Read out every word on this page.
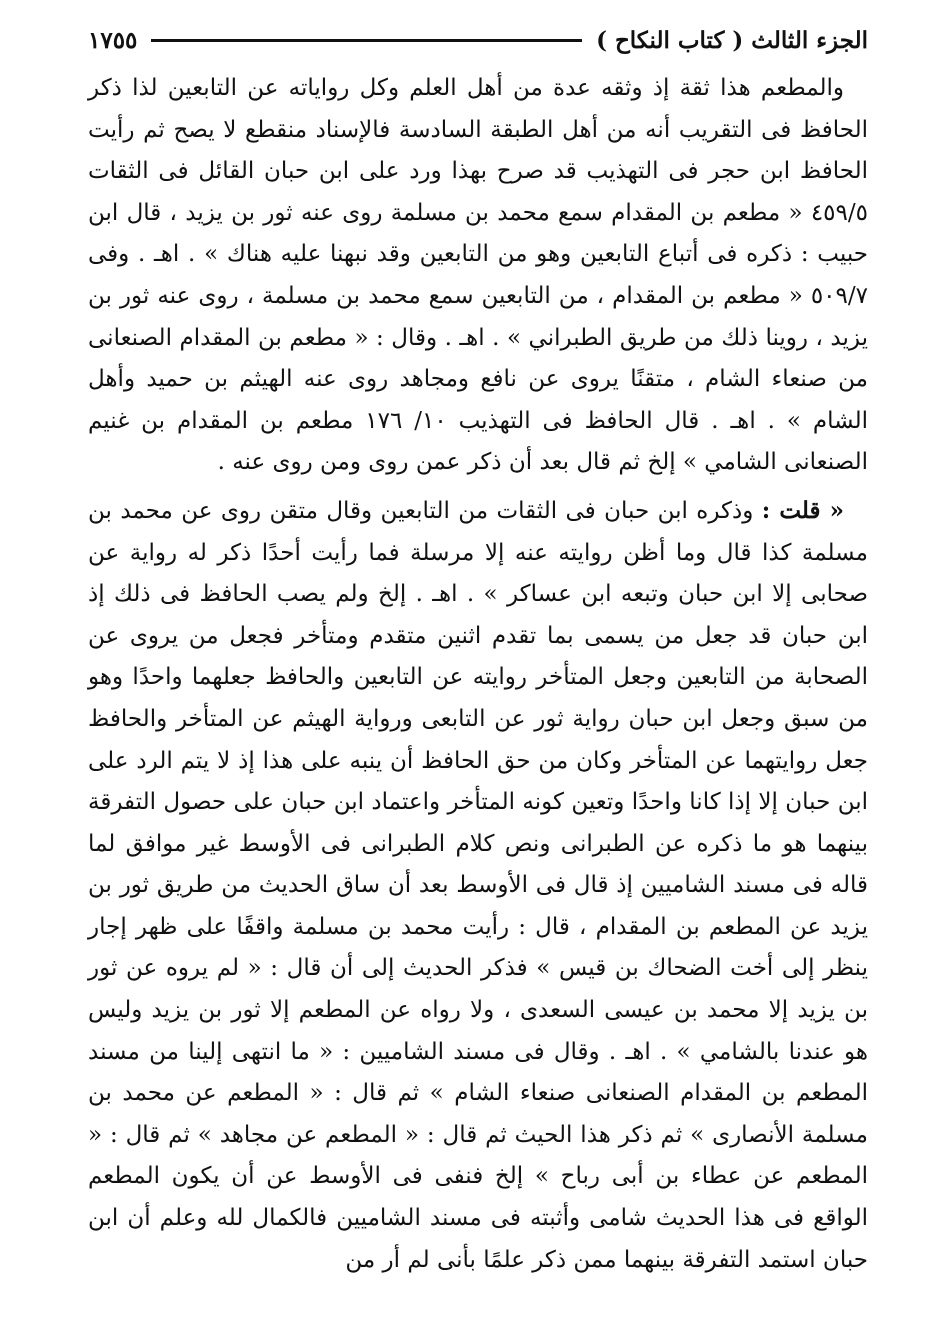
الجزء الثالث ( كتاب النكاح )
١٧٥٥

والمطعم هذا ثقة إذ وثقه عدة من أهل العلم وكل رواياته عن التابعين لذا ذكر الحافظ فى التقريب أنه من أهل الطبقة السادسة فالإسناد منقطع لا يصح ثم رأيت الحافظ ابن حجر فى التهذيب قد صرح بهذا ورد على ابن حبان القائل فى الثقات ٤٥٩/٥ « مطعم بن المقدام سمع محمد بن مسلمة روى عنه ثور بن يزيد ، قال ابن حبيب : ذكره فى أتباع التابعين وهو من التابعين وقد نبهنا عليه هناك » . اهـ . وفى ٥٠٩/٧ « مطعم بن المقدام ، من التابعين سمع محمد بن مسلمة ، روى عنه ثور بن يزيد ، روينا ذلك من طريق الطبراني » . اهـ . وقال : « مطعم بن المقدام الصنعانى من صنعاء الشام ، متقنًا يروى عن نافع ومجاهد روى عنه الهيثم بن حميد وأهل الشام » . اهـ . قال الحافظ فى التهذيب ١٠/ ١٧٦ مطعم بن المقدام بن غنيم الصنعانى الشامي » إلخ ثم قال بعد أن ذكر عمن روى ومن روى عنه .

« قلت : وذكره ابن حبان فى الثقات من التابعين وقال متقن روى عن محمد بن مسلمة كذا قال وما أظن روايته عنه إلا مرسلة فما رأيت أحدًا ذكر له رواية عن صحابى إلا ابن حبان وتبعه ابن عساكر » . اهـ . إلخ ولم يصب الحافظ فى ذلك إذ ابن حبان قد جعل من يسمى بما تقدم اثنين متقدم ومتأخر فجعل من يروى عن الصحابة من التابعين وجعل المتأخر روايته عن التابعين والحافظ جعلهما واحدًا وهو من سبق وجعل ابن حبان رواية ثور عن التابعى ورواية الهيثم عن المتأخر والحافظ جعل روايتهما عن المتأخر وكان من حق الحافظ أن ينبه على هذا إذ لا يتم الرد على ابن حبان إلا إذا كانا واحدًا وتعين كونه المتأخر واعتماد ابن حبان على حصول التفرقة بينهما هو ما ذكره عن الطبرانى ونص كلام الطبرانى فى الأوسط غير موافق لما قاله فى مسند الشاميين إذ قال فى الأوسط بعد أن ساق الحديث من طريق ثور بن يزيد عن المطعم بن المقدام ، قال : رأيت محمد بن مسلمة واقفًا على ظهر إجار ينظر إلى أخت الضحاك بن قيس » فذكر الحديث إلى أن قال : « لم يروه عن ثور بن يزيد إلا محمد بن عيسى السعدى ، ولا رواه عن المطعم إلا ثور بن يزيد وليس هو عندنا بالشامي » . اهـ . وقال فى مسند الشاميين : « ما انتهى إلينا من مسند المطعم بن المقدام الصنعانى صنعاء الشام » ثم قال : « المطعم عن محمد بن مسلمة الأنصارى » ثم ذكر هذا الحيث ثم قال : « المطعم عن مجاهد » ثم قال : « المطعم عن عطاء بن أبى رباح » إلخ فنفى فى الأوسط عن أن يكون المطعم الواقع فى هذا الحديث شامى وأثبته فى مسند الشاميين فالكمال لله وعلم أن ابن حبان استمد التفرقة بينهما ممن ذكر علمًا بأنى لم أر من
